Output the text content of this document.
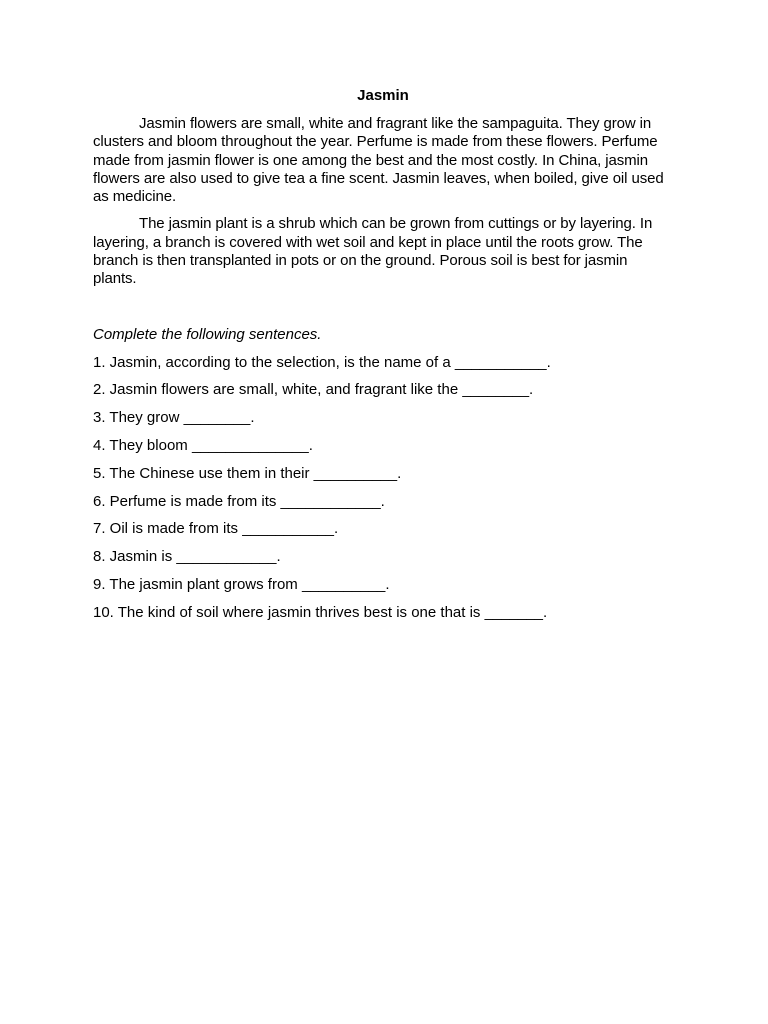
Jasmin

Jasmin flowers are small, white and fragrant like the sampaguita. They grow in clusters and bloom throughout the year. Perfume is made from these flowers. Perfume made from jasmin flower is one among the best and the most costly. In China, jasmin flowers are also used to give tea a fine scent. Jasmin leaves, when boiled, give oil used as medicine.

The jasmin plant is a shrub which can be grown from cuttings or by layering. In layering, a branch is covered with wet soil and kept in place until the roots grow. The branch is then transplanted in pots or on the ground. Porous soil is best for jasmin plants.

Complete the following sentences.
1. Jasmin, according to the selection, is the name of a ___________.
2. Jasmin flowers are small, white, and fragrant like the ________.
3. They grow ________.
4. They bloom ______________.
5. The Chinese use them in their __________.
6. Perfume is made from its ____________.
7. Oil is made from its ___________.
8. Jasmin is ____________.
9. The jasmin plant grows from __________.
10. The kind of soil where jasmin thrives best is one that is _______.
